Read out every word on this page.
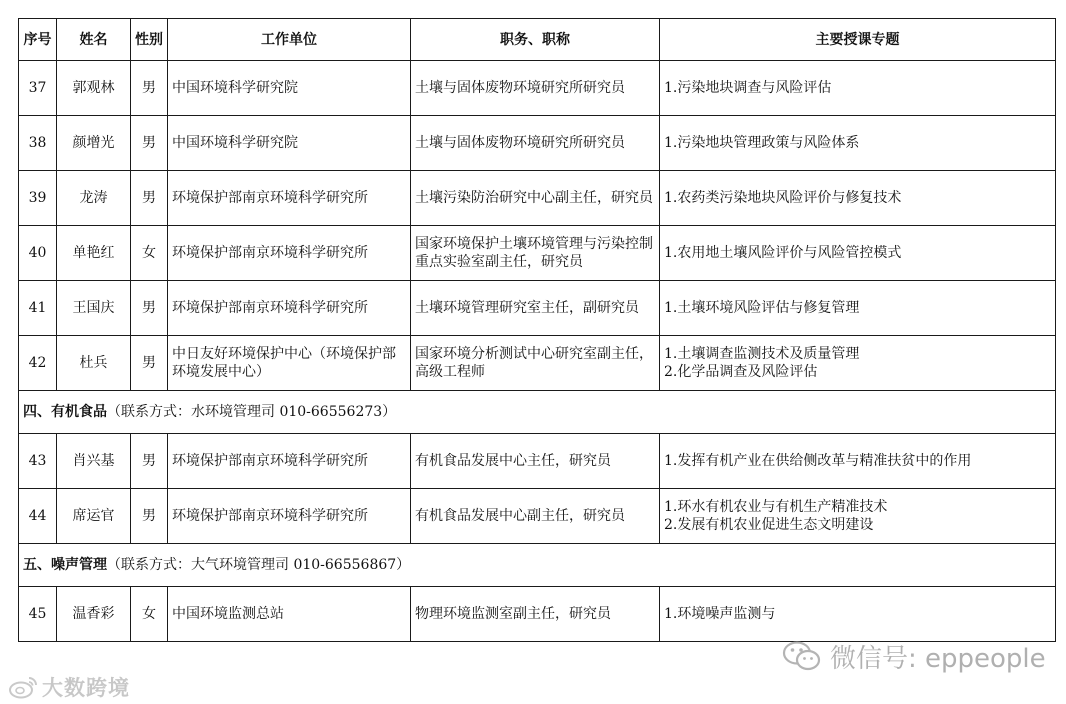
序号	姓名	性别	工作单位	职务、职称	主要授课专题
37	郭观林	男	中国环境科学研究院	土壤与固体废物环境研究所研究员	1.污染地块调查与风险评估

38	颜增光	男	中国环境科学研究院	土壤与固体废物环境研究所研究员	1.污染地块管理政策与风险体系

39	龙涛	男	环境保护部南京环境科学研究所	土壤污染防治研究中心副主任，研究员	1.农药类污染地块风险评价与修复技术

40	单艳红	女	环境保护部南京环境科学研究所	国家环境保护土壤环境管理与污染控制重点实验室副主任，研究员	1.农用地土壤风险评价与风险管控模式

41	王国庆	男	环境保护部南京环境科学研究所	土壤环境管理研究室主任，副研究员	1.土壤环境风险评估与修复管理

42	杜兵	男	中日友好环境保护中心（环境保护部环境发展中心）	国家环境分析测试中心研究室副主任，高级工程师	1.土壤调查监测技术及质量管理
2.化学品调查及风险评估

四、有机食品（联系方式：水环境管理司 010-66556273）					
43	肖兴基	男	环境保护部南京环境科学研究所	有机食品发展中心主任，研究员	1.发挥有机产业在供给侧改革与精准扶贫中的作用

44	席运官	男	环境保护部南京环境科学研究所	有机食品发展中心副主任，研究员	1.环水有机农业与有机生产精准技术
2.发展有机农业促进生态文明建设

五、噪声管理（联系方式：大气环境管理司 010-66556867）					
45	温香彩	女	中国环境监测总站	物理环境监测室副主任，研究员	1.环境噪声监测与
微信号: eppeople
大数跨境
